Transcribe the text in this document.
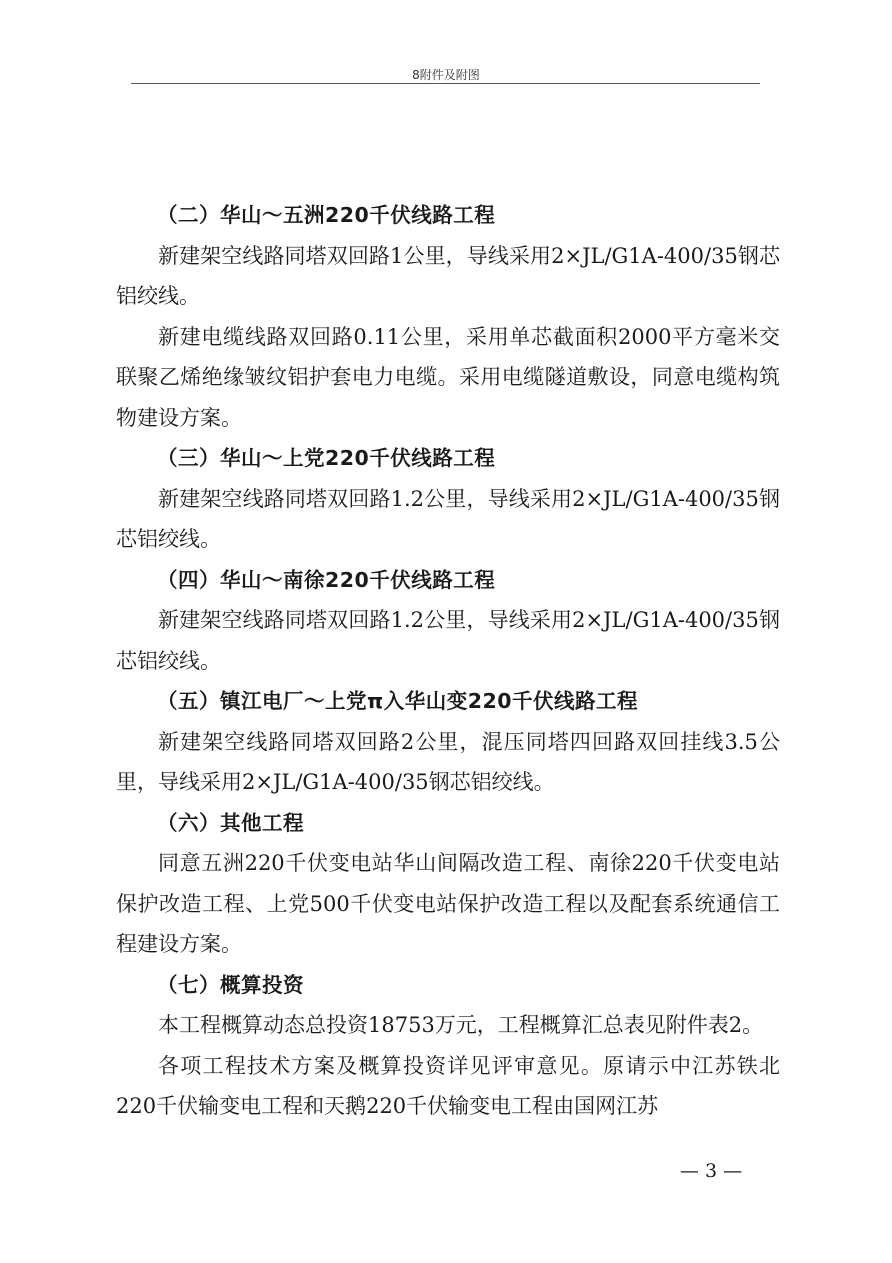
8附件及附图

（二）华山～五洲220千伏线路工程

新建架空线路同塔双回路1公里，导线采用2×JL/G1A-400/35钢芯铝绞线。

新建电缆线路双回路0.11公里，采用单芯截面积2000平方毫米交联聚乙烯绝缘皱纹铝护套电力电缆。采用电缆隧道敷设，同意电缆构筑物建设方案。

（三）华山～上党220千伏线路工程

新建架空线路同塔双回路1.2公里，导线采用2×JL/G1A-400/35钢芯铝绞线。

（四）华山～南徐220千伏线路工程

新建架空线路同塔双回路1.2公里，导线采用2×JL/G1A-400/35钢芯铝绞线。

（五）镇江电厂～上党π入华山变220千伏线路工程

新建架空线路同塔双回路2公里，混压同塔四回路双回挂线3.5公里，导线采用2×JL/G1A-400/35钢芯铝绞线。

（六）其他工程

同意五洲220千伏变电站华山间隔改造工程、南徐220千伏变电站保护改造工程、上党500千伏变电站保护改造工程以及配套系统通信工程建设方案。

（七）概算投资

本工程概算动态总投资18753万元，工程概算汇总表见附件表2。

各项工程技术方案及概算投资详见评审意见。原请示中江苏铁北220千伏输变电工程和天鹅220千伏输变电工程由国网江苏

— 3 —
